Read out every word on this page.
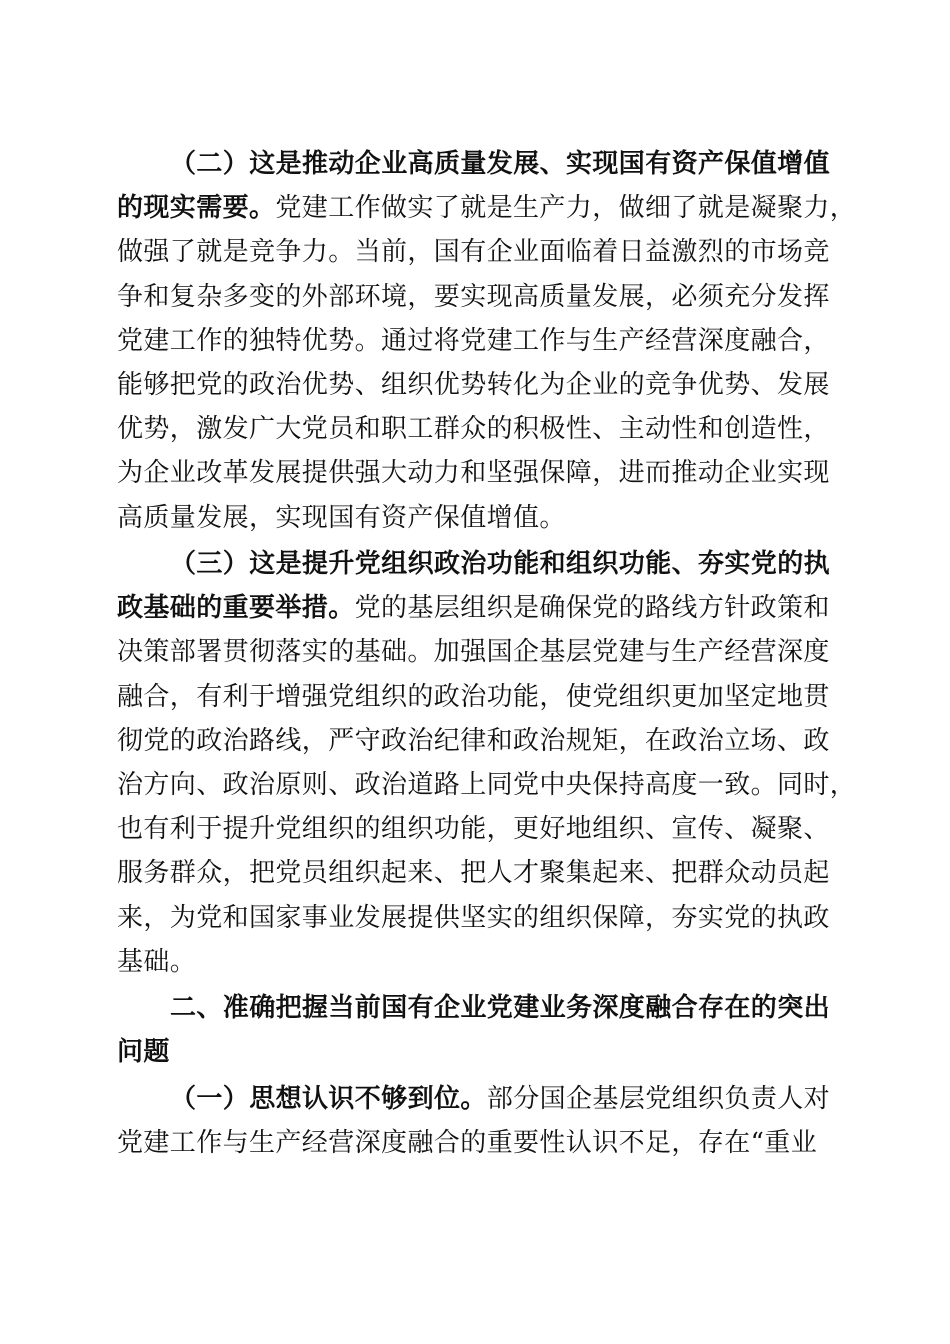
（二）这是推动企业高质量发展、实现国有资产保值增值
的现实需要。党建工作做实了就是生产力，做细了就是凝聚力，
做强了就是竞争力。当前，国有企业面临着日益激烈的市场竞
争和复杂多变的外部环境，要实现高质量发展，必须充分发挥
党建工作的独特优势。通过将党建工作与生产经营深度融合，
能够把党的政治优势、组织优势转化为企业的竞争优势、发展
优势，激发广大党员和职工群众的积极性、主动性和创造性，
为企业改革发展提供强大动力和坚强保障，进而推动企业实现
高质量发展，实现国有资产保值增值。
（三）这是提升党组织政治功能和组织功能、夯实党的执
政基础的重要举措。党的基层组织是确保党的路线方针政策和
决策部署贯彻落实的基础。加强国企基层党建与生产经营深度
融合，有利于增强党组织的政治功能，使党组织更加坚定地贯
彻党的政治路线，严守政治纪律和政治规矩，在政治立场、政
治方向、政治原则、政治道路上同党中央保持高度一致。同时，
也有利于提升党组织的组织功能，更好地组织、宣传、凝聚、
服务群众，把党员组织起来、把人才聚集起来、把群众动员起
来，为党和国家事业发展提供坚实的组织保障，夯实党的执政
基础。
二、准确把握当前国有企业党建业务深度融合存在的突出
问题
（一）思想认识不够到位。部分国企基层党组织负责人对
党建工作与生产经营深度融合的重要性认识不足，存在“重业
